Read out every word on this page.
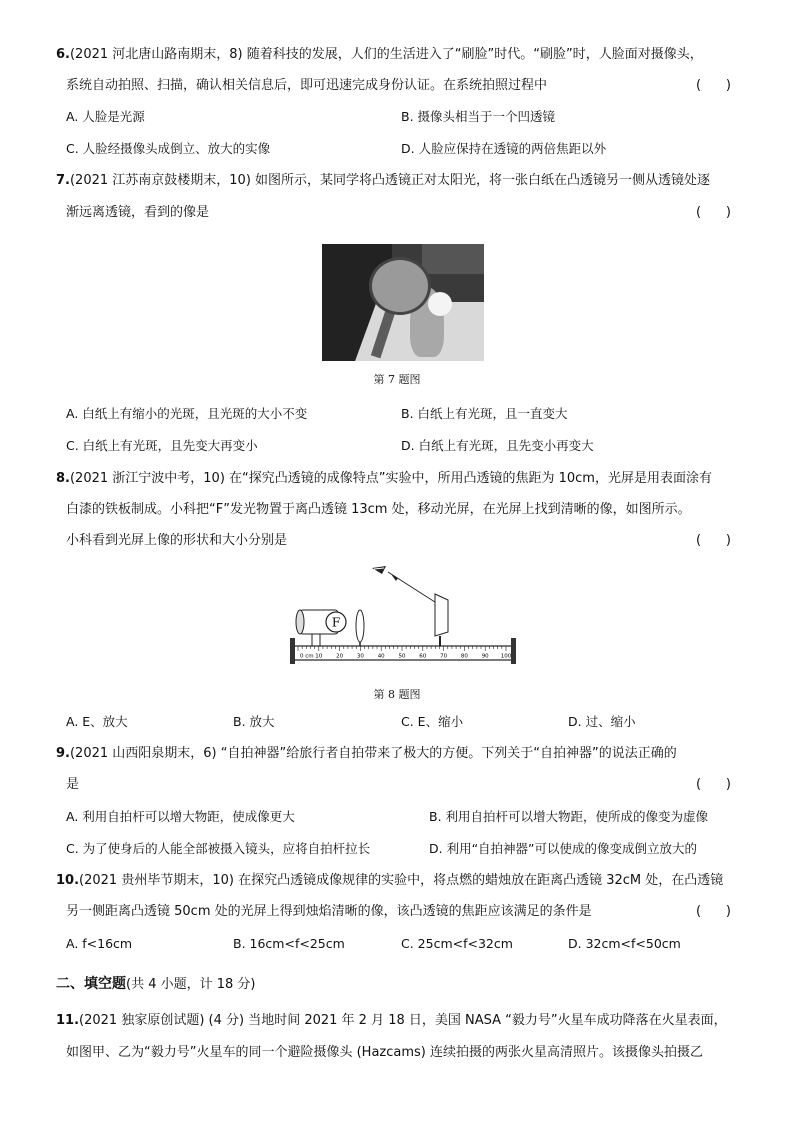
6.(2021 河北唐山路南期末，8) 随着科技的发展，人们的生活进入了“刷脸”时代。“刷脸”时，人脸面对摄像头，
系统自动拍照、扫描，确认相关信息后，即可迅速完成身份认证。在系统拍照过程中	(      )
A. 人脸是光源	B. 摄像头相当于一个凹透镜
C. 人脸经摄像头成倒立、放大的实像	D. 人脸应保持在透镜的两倍焦距以外
7.(2021 江苏南京鼓楼期末，10) 如图所示，某同学将凸透镜正对太阳光，将一张白纸在凸透镜另一侧从透镜处逐
渐远离透镜，看到的像是	(      )
第 7 题图
A. 白纸上有缩小的光斑，且光斑的大小不变	B. 白纸上有光斑，且一直变大
C. 白纸上有光斑，且先变大再变小	D. 白纸上有光斑，且先变小再变大
8.(2021 浙江宁波中考，10) 在“探究凸透镜的成像特点”实验中，所用凸透镜的焦距为 10cm，光屏是用表面涂有
白漆的铁板制成。小科把“F”发光物置于离凸透镜 13cm 处，移动光屏，在光屏上找到清晰的像，如图所示。
小科看到光屏上像的形状和大小分别是	(      )
F
0 cm 10	20	30	40	50	60	70	80	90 100
第 8 题图
A. E、放大	B. 放大	C. E、缩小	D. 过、缩小
9.(2021 山西阳泉期末，6) “自拍神器”给旅行者自拍带来了极大的方便。下列关于“自拍神器”的说法正确的
是	(      )
A. 利用自拍杆可以增大物距，使成像更大	B. 利用自拍杆可以增大物距，使所成的像变为虚像
C. 为了使身后的人能全部被摄入镜头，应将自拍杆拉长	D. 利用“自拍神器”可以使成的像变成倒立放大的
10.(2021 贵州毕节期末，10) 在探究凸透镜成像规律的实验中，将点燃的蜡烛放在距离凸透镜 32cM 处，在凸透镜
另一侧距离凸透镜 50cm 处的光屏上得到烛焰清晰的像，该凸透镜的焦距应该满足的条件是	(      )
A. f<16cm	B. 16cm<f<25cm	C. 25cm<f<32cm	D. 32cm<f<50cm
二、填空题(共 4 小题，计 18 分)
11.(2021 独家原创试题) (4 分) 当地时间 2021 年 2 月 18 日，美国 NASA “毅力号”火星车成功降落在火星表面，
如图甲、乙为“毅力号”火星车的同一个避险摄像头 (Hazcams) 连续拍摄的两张火星高清照片。该摄像头拍摄乙
